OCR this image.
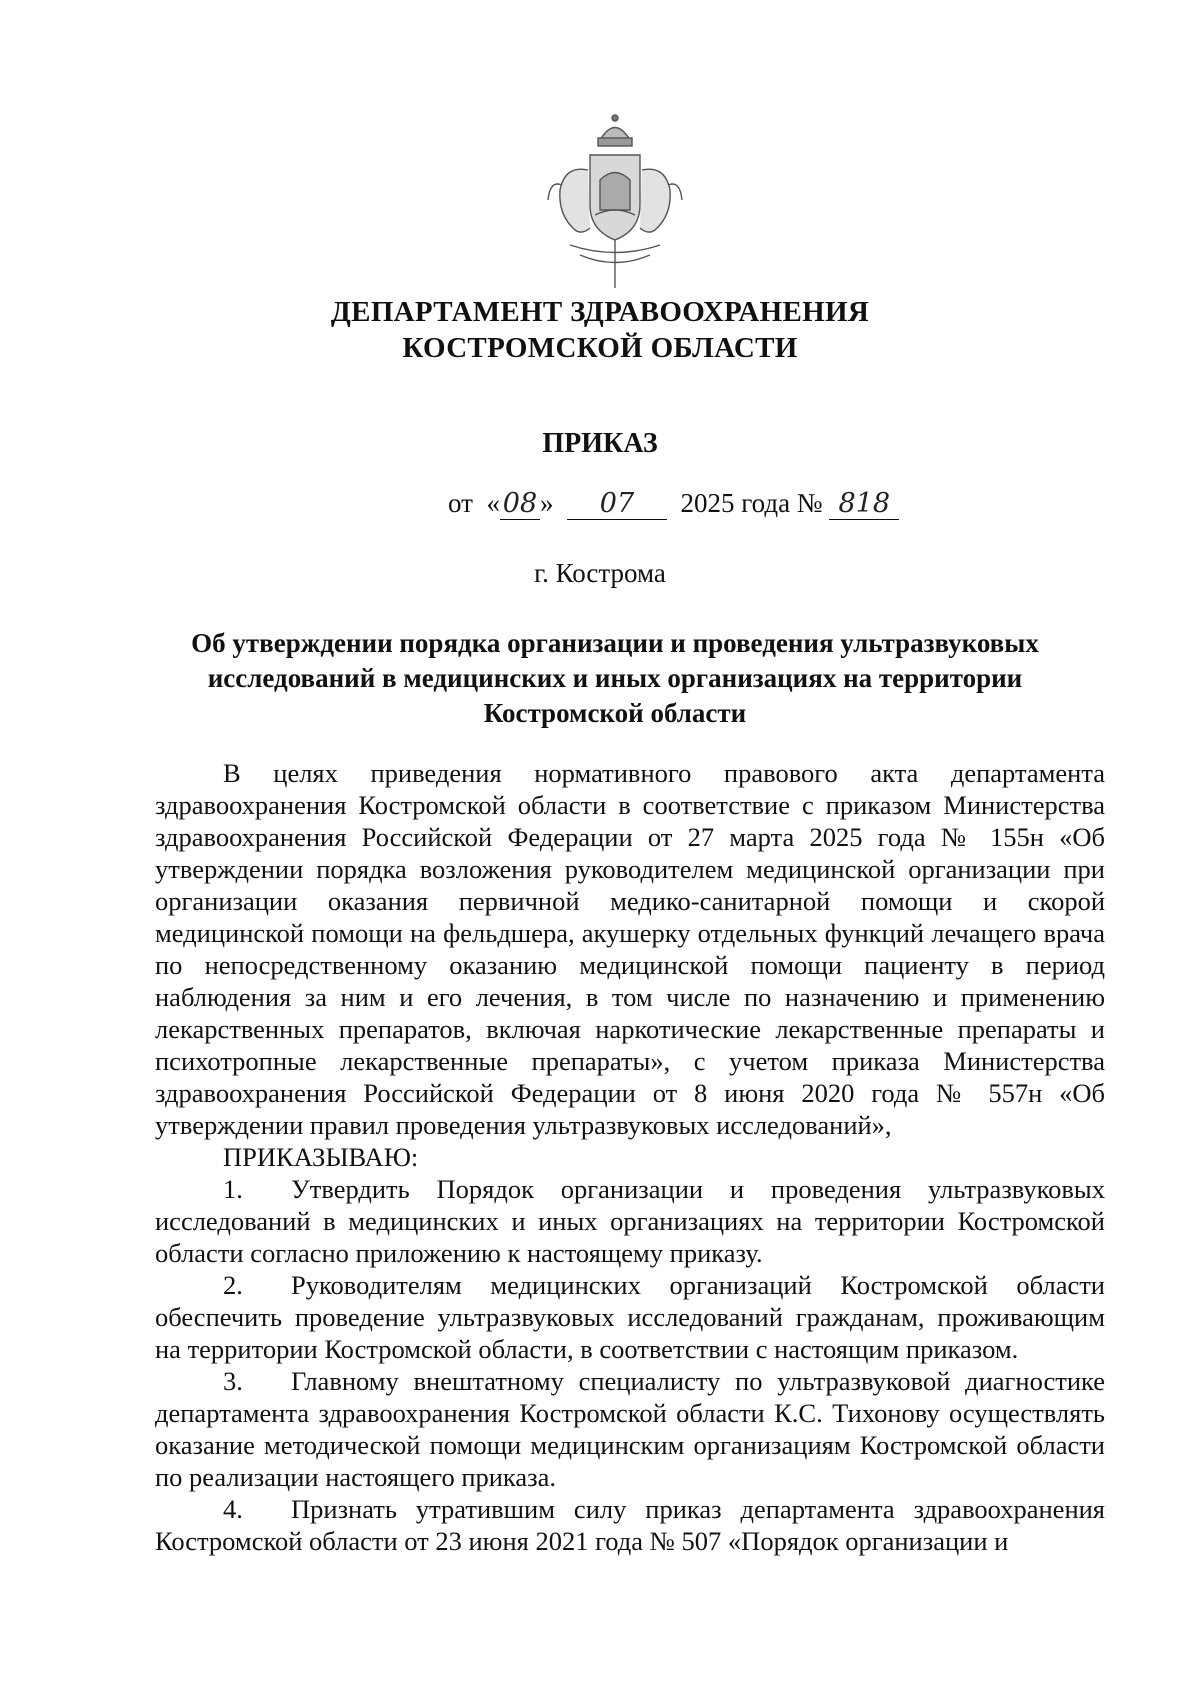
ДЕПАРТАМЕНТ ЗДРАВООХРАНЕНИЯ
КОСТРОМСКОЙ ОБЛАСТИ
ПРИКАЗ
от  « 08 »  07 2025 года № 818
г. Кострома
Об утверждении порядка организации и проведения ультразвуковых исследований в медицинских и иных организациях на территории Костромской области

В целях приведения нормативного правового акта департамента здравоохранения Костромской области в соответствие с приказом Министерства здравоохранения Российской Федерации от 27 марта 2025 года № 155н «Об утверждении порядка возложения руководителем медицинской организации при организации оказания первичной медико-санитарной помощи и скорой медицинской помощи на фельдшера, акушерку отдельных функций лечащего врача по непосредственному оказанию медицинской помощи пациенту в период наблюдения за ним и его лечения, в том числе по назначению и применению лекарственных препаратов, включая наркотические лекарственные препараты и психотропные лекарственные препараты», с учетом приказа Министерства здравоохранения Российской Федерации от 8 июня 2020 года № 557н «Об утверждении правил проведения ультразвуковых исследований»,

ПРИКАЗЫВАЮ:

1. Утвердить Порядок организации и проведения ультразвуковых исследований в медицинских и иных организациях на территории Костромской области согласно приложению к настоящему приказу.

2. Руководителям медицинских организаций Костромской области обеспечить проведение ультразвуковых исследований гражданам, проживающим на территории Костромской области, в соответствии с настоящим приказом.

3. Главному внештатному специалисту по ультразвуковой диагностике департамента здравоохранения Костромской области К.С. Тихонову осуществлять оказание методической помощи медицинским организациям Костромской области по реализации настоящего приказа.

4. Признать утратившим силу приказ департамента здравоохранения Костромской области от 23 июня 2021 года № 507 «Порядок организации и
